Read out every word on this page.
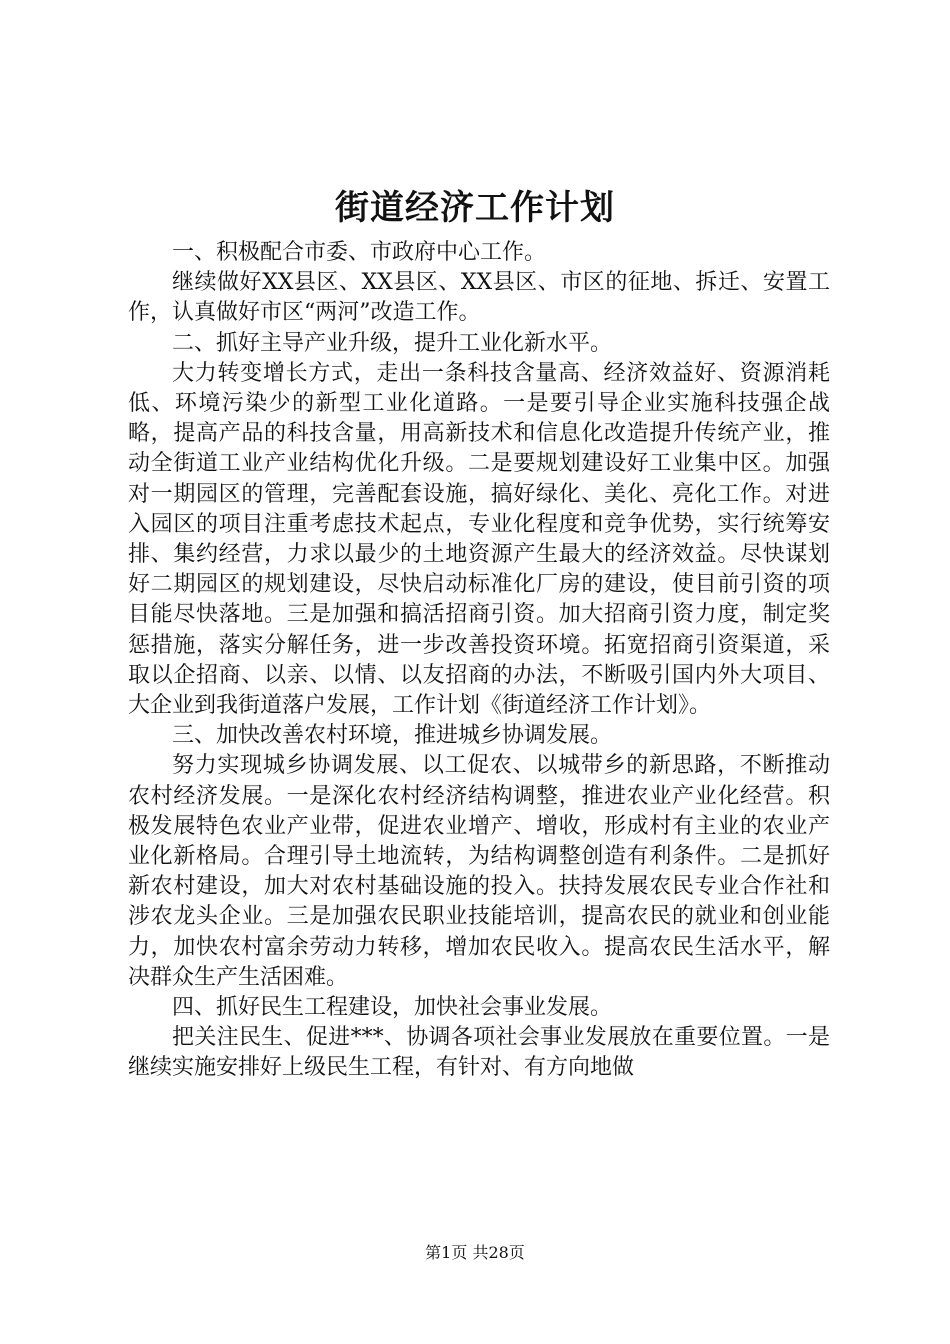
街道经济工作计划

一、积极配合市委、市政府中心工作。

继续做好XX县区、XX县区、XX县区、市区的征地、拆迁、安置工作，认真做好市区“两河”改造工作。

二、抓好主导产业升级，提升工业化新水平。

大力转变增长方式，走出一条科技含量高、经济效益好、资源消耗低、环境污染少的新型工业化道路。一是要引导企业实施科技强企战略，提高产品的科技含量，用高新技术和信息化改造提升传统产业，推动全街道工业产业结构优化升级。二是要规划建设好工业集中区。加强对一期园区的管理，完善配套设施，搞好绿化、美化、亮化工作。对进入园区的项目注重考虑技术起点，专业化程度和竞争优势，实行统筹安排、集约经营，力求以最少的土地资源产生最大的经济效益。尽快谋划好二期园区的规划建设，尽快启动标准化厂房的建设，使目前引资的项目能尽快落地。三是加强和搞活招商引资。加大招商引资力度，制定奖惩措施，落实分解任务，进一步改善投资环境。拓宽招商引资渠道，采取以企招商、以亲、以情、以友招商的办法，不断吸引国内外大项目、大企业到我街道落户发展，工作计划《街道经济工作计划》。

三、加快改善农村环境，推进城乡协调发展。

努力实现城乡协调发展、以工促农、以城带乡的新思路，不断推动农村经济发展。一是深化农村经济结构调整，推进农业产业化经营。积极发展特色农业产业带，促进农业增产、增收，形成村有主业的农业产业化新格局。合理引导土地流转，为结构调整创造有利条件。二是抓好新农村建设，加大对农村基础设施的投入。扶持发展农民专业合作社和涉农龙头企业。三是加强农民职业技能培训，提高农民的就业和创业能力，加快农村富余劳动力转移，增加农民收入。提高农民生活水平，解决群众生产生活困难。

四、抓好民生工程建设，加快社会事业发展。

把关注民生、促进***、协调各项社会事业发展放在重要位置。一是继续实施安排好上级民生工程，有针对、有方向地做

第1页 共28页
